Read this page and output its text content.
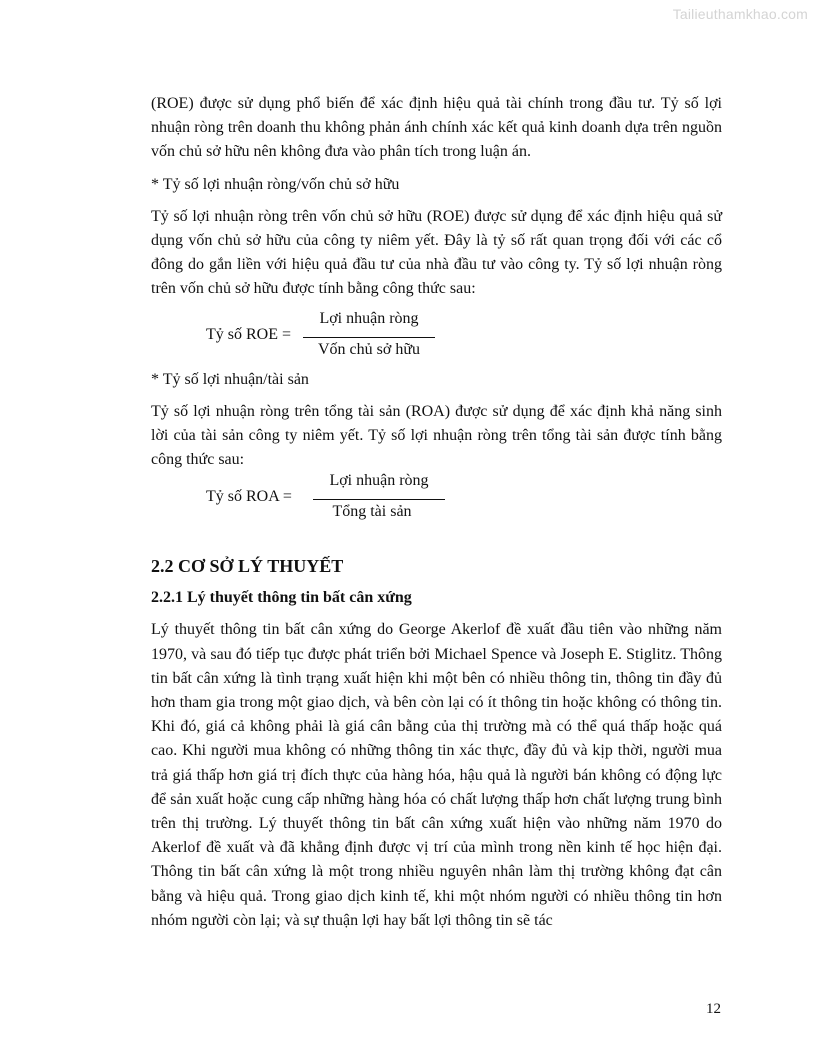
Tailieuthamkhao.com

(ROE) được sử dụng phổ biến để xác định hiệu quả tài chính trong đầu tư. Tỷ số lợi nhuận ròng trên doanh thu không phản ánh chính xác kết quả kinh doanh dựa trên nguồn vốn chủ sở hữu nên không đưa vào phân tích trong luận án.

* Tỷ số lợi nhuận ròng/vốn chủ sở hữu

Tỷ số lợi nhuận ròng trên vốn chủ sở hữu (ROE) được sử dụng để xác định hiệu quả sử dụng vốn chủ sở hữu của công ty niêm yết. Đây là tỷ số rất quan trọng đối với các cổ đông do gắn liền với hiệu quả đầu tư của nhà đầu tư vào công ty. Tỷ số lợi nhuận ròng trên vốn chủ sở hữu được tính bằng công thức sau:

Tỷ số ROE =
Lợi nhuận ròng
Vốn chủ sở hữu

* Tỷ số lợi nhuận/tài sản

Tỷ số lợi nhuận ròng trên tổng tài sản (ROA) được sử dụng để xác định khả năng sinh lời của tài sản công ty niêm yết. Tỷ số lợi nhuận ròng trên tổng tài sản được tính bằng công thức sau:

Tỷ số ROA =
Lợi nhuận ròng
Tổng tài sản
2.2 CƠ SỞ LÝ THUYẾT
2.2.1 Lý thuyết thông tin bất cân xứng

Lý thuyết thông tin bất cân xứng do George Akerlof đề xuất đầu tiên vào những năm 1970, và sau đó tiếp tục được phát triển bởi Michael Spence và Joseph E. Stiglitz. Thông tin bất cân xứng là tình trạng xuất hiện khi một bên có nhiều thông tin, thông tin đầy đủ hơn tham gia trong một giao dịch, và bên còn lại có ít thông tin hoặc không có thông tin. Khi đó, giá cả không phải là giá cân bằng của thị trường mà có thể quá thấp hoặc quá cao. Khi người mua không có những thông tin xác thực, đầy đủ và kịp thời, người mua trả giá thấp hơn giá trị đích thực của hàng hóa, hậu quả là người bán không có động lực để sản xuất hoặc cung cấp những hàng hóa có chất lượng thấp hơn chất lượng trung bình trên thị trường. Lý thuyết thông tin bất cân xứng xuất hiện vào những năm 1970 do Akerlof đề xuất và đã khẳng định được vị trí của mình trong nền kinh tế học hiện đại. Thông tin bất cân xứng là một trong nhiều nguyên nhân làm thị trường không đạt cân bằng và hiệu quả. Trong giao dịch kinh tế, khi một nhóm người có nhiều thông tin hơn nhóm người còn lại; và sự thuận lợi hay bất lợi thông tin sẽ tác

12
